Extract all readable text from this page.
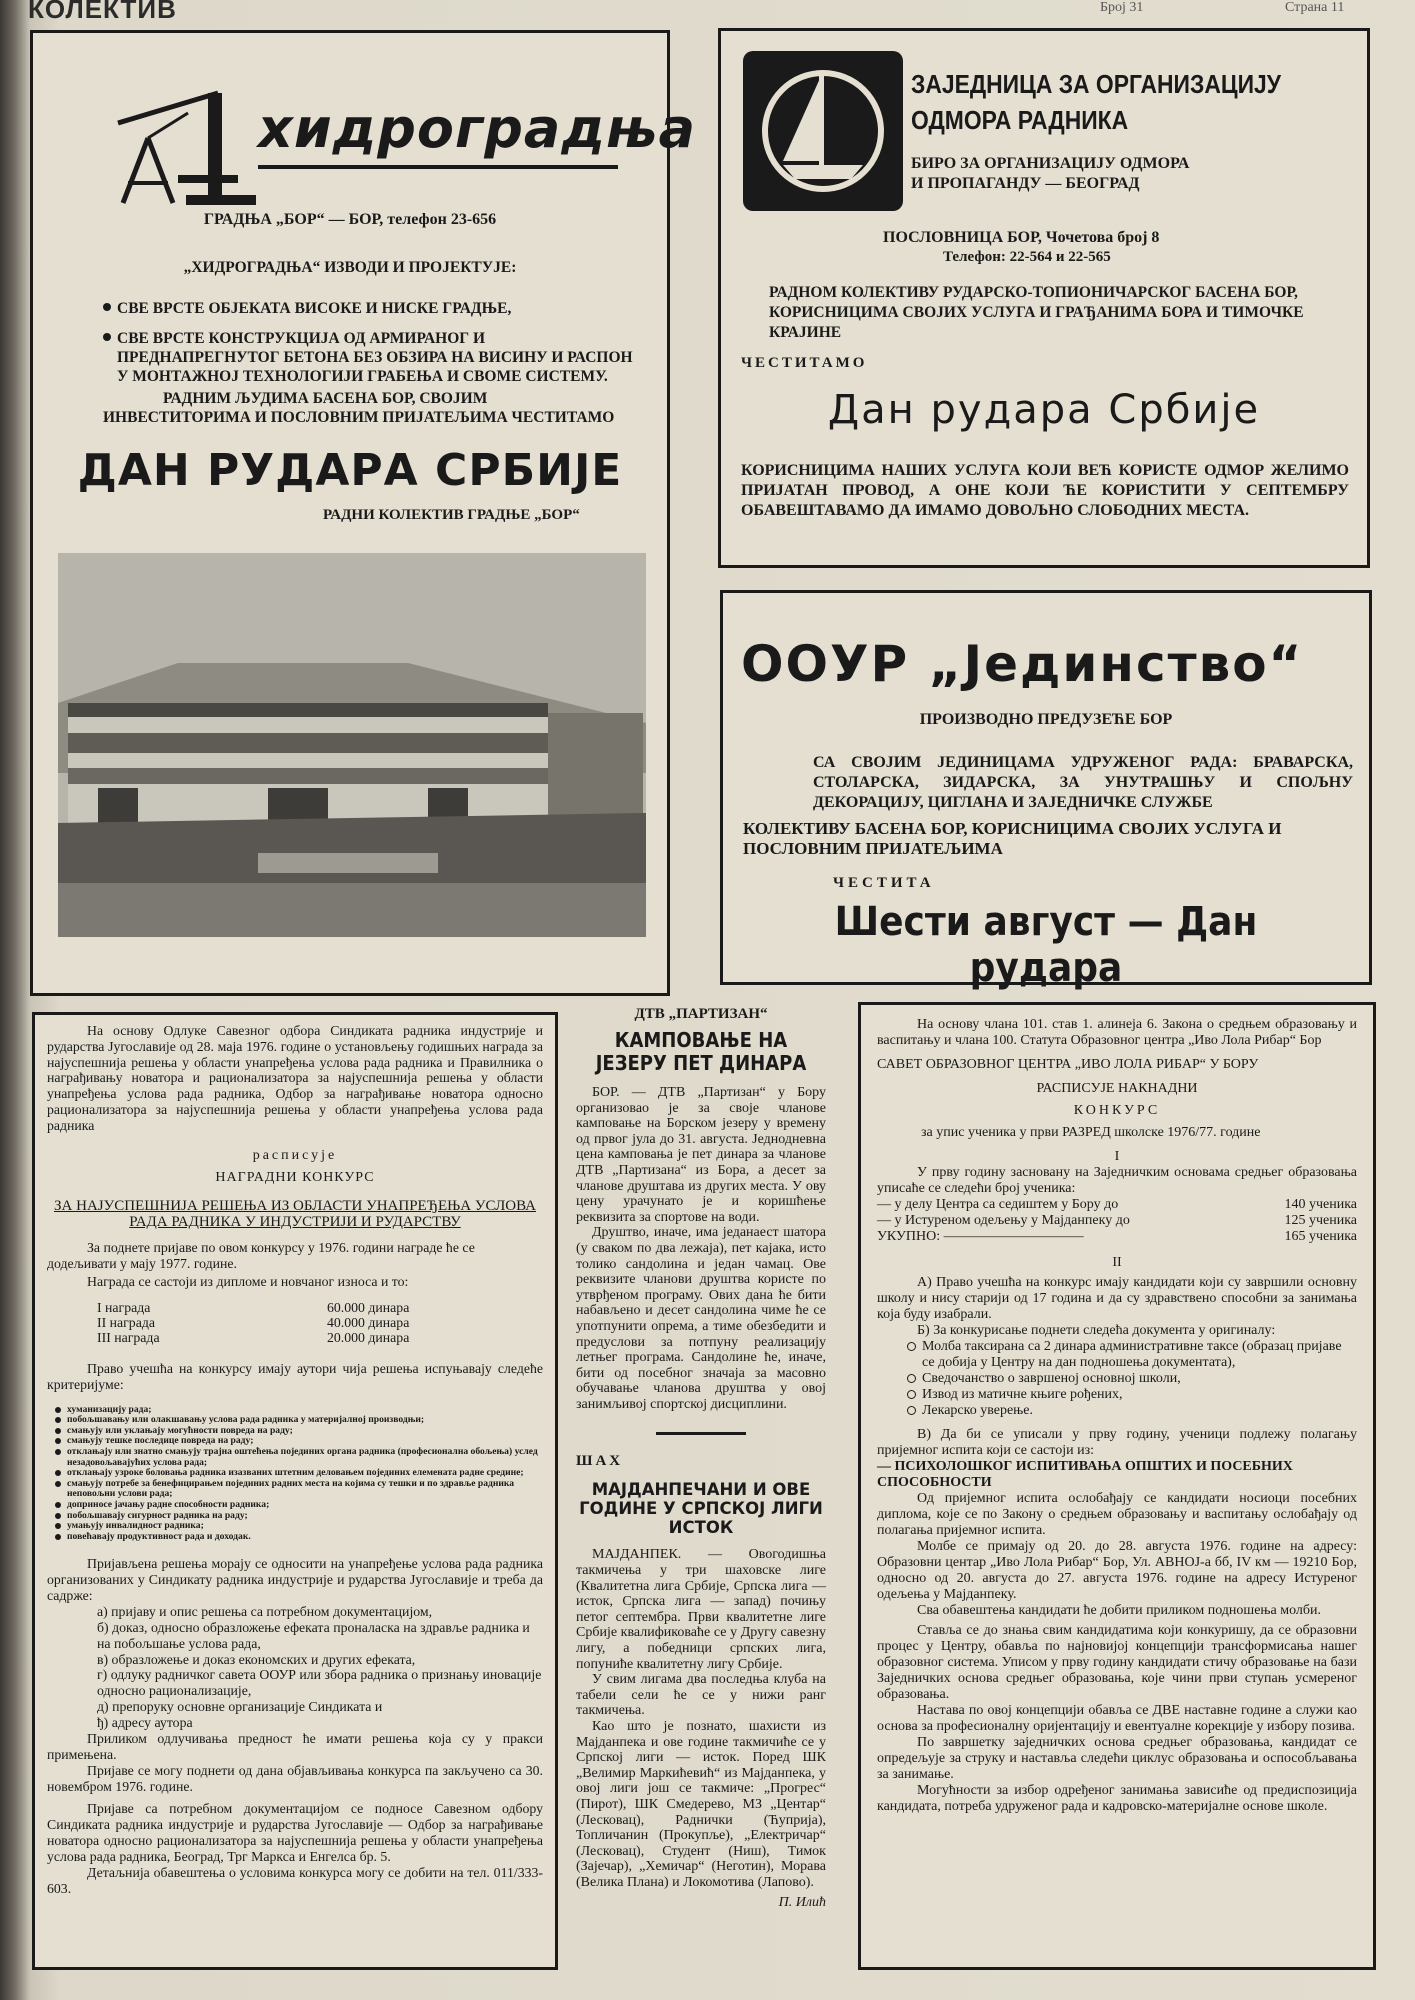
КОЛЕКТИВ	Број 31	Страна 11
хидроградња
ГРАДЊА „БОР“ — БОР, телефон 23-656
„ХИДРОГРАДЊА“ ИЗВОДИ И ПРОЈЕКТУЈЕ:
СВЕ ВРСТЕ ОБЈЕКАТА ВИСОКЕ И НИСКЕ ГРАДЊЕ,
СВЕ ВРСТЕ КОНСТРУКЦИЈА ОД АРМИРАНОГ И ПРЕДНАПРЕГНУТОГ БЕТОНА БЕЗ ОБЗИРА НА ВИСИНУ И РАСПОН У МОНТАЖНОЈ ТЕХНОЛОГИЈИ ГРАБЕЊА И СВОМЕ СИСТЕМУ.
РАДНИМ ЉУДИМА БАСЕНА БОР, СВОЈИМ ИНВЕСТИТОРИМА И ПОСЛОВНИМ ПРИЈАТЕЉИМА ЧЕСТИТАМО
ДАН РУДАРА СРБИЈЕ
РАДНИ КОЛЕКТИВ ГРАДЊЕ „БОР“
ЗАЈЕДНИЦА ЗА ОРГАНИЗАЦИЈУ
ОДМОРА РАДНИКА
БИРО ЗА ОРГАНИЗАЦИЈУ ОДМОРА
И ПРОПАГАНДУ — БЕОГРАД
ПОСЛОВНИЦА БОР, Чочетова број 8
Телефон: 22-564 и 22-565
РАДНОМ КОЛЕКТИВУ РУДАРСКО-ТОПИОНИЧАРСКОГ БАСЕНА БОР, КОРИСНИЦИМА СВОЈИХ УСЛУГА И ГРАЂАНИМА БОРА И ТИМОЧКЕ КРАЈИНЕ
ЧЕСТИТАМО
Дан рудара Србије
КОРИСНИЦИМА НАШИХ УСЛУГА КОЈИ ВЕЋ КОРИСТЕ ОДМОР ЖЕЛИМО ПРИЈАТАН ПРОВОД, А ОНЕ КОЈИ ЋЕ КОРИСТИТИ У СЕПТЕМБРУ ОБАВЕШТАВАМО ДА ИМАМО ДОВОЉНО СЛОБОДНИХ МЕСТА.
ООУР „Јединство“
ПРОИЗВОДНО ПРЕДУЗЕЋЕ БОР
СА СВОЈИМ ЈЕДИНИЦАМА УДРУЖЕНОГ РАДА: БРАВАРСКА, СТОЛАРСКА, ЗИДАРСКА, ЗА УНУТРАШЊУ И СПОЉНУ ДЕКОРАЦИЈУ, ЦИГЛАНА И ЗАЈЕДНИЧКЕ СЛУЖБЕ
КОЛЕКТИВУ БАСЕНА БОР, КОРИСНИЦИМА СВОЈИХ УСЛУГА И ПОСЛОВНИМ ПРИЈАТЕЉИМА
ЧЕСТИТА
Шести август — Дан рудара

На основу Одлуке Савезног одбора Синдиката радника индустрије и рударства Југославије од 28. маја 1976. године о установљењу годишњих награда за најуспешнија решења у области унапређења услова рада радника и Правилника о награђивању новатора и рационализатора за најуспешнија решења у области унапређења услова рада радника, Одбор за награђивање новатора односно рационализатора за најуспешнија решења у области унапређења услова рада радника

расписује

НАГРАДНИ КОНКУРС

ЗА НАЈУСПЕШНИЈА РЕШЕЊА ИЗ ОБЛАСТИ УНАПРЕЂЕЊА УСЛОВА РАДА РАДНИКА У ИНДУСТРИЈИ И РУДАРСТВУ

За поднете пријаве по овом конкурсу у 1976. години награде ће се додељивати у мају 1977. године.

Награда се састоји из дипломе и новчаног износа и то:

I награда	60.000 динара
II награда	40.000 динара
III награда	20.000 динара

Право учешћа на конкурсу имају аутори чија решења испуњавају следеће критеријуме:

хуманизацију рада;
побољшавању или олакшавању услова рада радника у материјалној производњи;
смањују или уклањају могућности повреда на раду;
смањују тешке последице повреда на раду;
отклањају или знатно смањују трајна оштећења појединих органа радника (професионална обољења) услед незадовољавајућих услова рада;
отклањају узроке боловања радника изазваних штетним деловањем појединих елемената радне средине;
смањују потребе за бенефицирањем појединих радних места на којима су тешки и по здравље радника неповољни услови рада;
доприносе јачању радне способности радника;
побољшавају сигурност радника на раду;
умањују инвалидност радника;
повећавају продуктивност рада и доходак.

Пријављена решења морају се односити на унапређење услова рада радника организованих у Синдикату радника индустрије и рударства Југославије и треба да садрже:

а) пријаву и опис решења са потребном документацијом,
б) доказ, односно образложење ефеката проналаска на здравље радника и на побољшање услова рада,
в) образложење и доказ економских и других ефеката,
г) одлуку радничког савета ООУР или збора радника о признању иновације односно рационализације,
д) препоруку основне организације Синдиката и
ђ) адресу аутора

Приликом одлучивања предност ће имати решења која су у пракси примењена.

Пријаве се могу поднети од дана објављивања конкурса па закључено са 30. новембром 1976. године.

Пријаве са потребном документацијом се подносе Савезном одбору Синдиката радника индустрије и рударства Југославије — Одбор за награђивање новатора односно рационализатора за најуспешнија решења у области унапређења услова рада радника, Београд, Трг Маркса и Енгелса бр. 5.

Детаљнија обавештења о условима конкурса могу се добити на тел. 011/333-603.

ДТВ „ПАРТИЗАН“
КАМПОВАЊЕ НА ЈЕЗЕРУ ПЕТ ДИНАРА

БОР. — ДТВ „Партизан“ у Бору организовао је за своје чланове камповање на Борском језеру у времену од првог јула до 31. августа. Једнодневна цена камповања је пет динара за чланове ДТВ „Партизана“ из Бора, а десет за чланове друштава из других места. У ову цену урачунато је и коришћење реквизита за спортове на води.

Друштво, иначе, има једанаест шатора (у сваком по два лежаја), пет кајака, исто толико сандолина и један чамац. Ове реквизите чланови друштва користе по утврђеном програму. Ових дана ће бити набављено и десет сандолина чиме ће се употпунити опрема, а тиме обезбедити и предуслови за потпуну реализацију летњег програма. Сандолине ће, иначе, бити од посебног значаја за масовно обучавање чланова друштва у овој занимљивој спортској дисциплини.

ШАХ
МАЈДАНПЕЧАНИ И ОВЕ ГОДИНЕ У СРПСКОЈ ЛИГИ ИСТОК

МАЈДАНПЕК. — Овогодишња такмичења у три шаховске лиге (Квалитетна лига Србије, Српска лига — исток, Српска лига — запад) почињу петог септембра. Први квалитетне лиге Србије квалификоваће се у Другу савезну лигу, а победници српских лига, попуниће квалитетну лигу Србије.

У свим лигама два последња клуба на табели сели ће се у нижи ранг такмичења.

Као што је познато, шахисти из Мајданпека и ове године такмичиће се у Српској лиги — исток. Поред ШК „Велимир Маркићевић“ из Мајданпека, у овој лиги још се такмиче: „Прогрес“ (Пирот), ШК Смедерево, МЗ „Центар“ (Лесковац), Раднички (Ћуприја), Топличанин (Прокупље), „Електричар“ (Лесковац), Студент (Ниш), Тимок (Зајечар), „Хемичар“ (Неготин), Морава (Велика Плана) и Локомотива (Лапово).

П. Илић

На основу члана 101. став 1. алинеја 6. Закона о средњем образовању и васпитању и члана 100. Статута Образовног центра „Иво Лола Рибар“ Бор

САВЕТ ОБРАЗОВНОГ ЦЕНТРА „ИВО ЛОЛА РИБАР“ У БОРУ

РАСПИСУЈЕ НАКНАДНИ

КОНКУРС

за упис ученика у први РАЗРЕД школске 1976/77. године

I

У прву годину заснованy на Заједничким основама средњег образовања уписаће се следећи број ученика:

— у делу Центра са седиштем у Бору до	140 ученика
— у Истуреном одељењу у Мајданпеку до	125 ученика
УКУПНО: ——————————	165 ученика

II

А) Право учешћа на конкурс имају кандидати који су завршили основну школу и нису старији од 17 година и да су здравствено способни за занимања која буду изабрали.

Б) За конкурисање поднети следећа документа у оригиналу:

Молба таксирана са 2 динара административне таксе (образац пријаве се добија у Центру на дан подношења документата),
Сведочанство о завршеној основној школи,
Извод из матичне књиге рођених,
Лекарско уверење.

В) Да би се уписали у прву годину, ученици подлежу полагању пријемног испита који се састоји из:

— ПСИХОЛОШКОГ ИСПИТИВАЊА ОПШТИХ И ПОСЕБНИХ СПОСОБНОСТИ

Од пријемног испита ослобађају се кандидати носиоци посебних диплома, које се по Закону о средњем образовању и васпитању ослобађају од полагања пријемног испита.

Молбе се примају од 20. до 28. августа 1976. године на адресу: Образовни центар „Иво Лола Рибар“ Бор, Ул. АВНОЈ-а бб, IV км — 19210 Бор, односно од 20. августа до 27. августа 1976. године на адресу Истуреног одељења у Мајданпеку.

Сва обавештења кандидати ће добити приликом подношења молби.

Ставља се до знања свим кандидатима који конкуришу, да се образовни процес у Центру, обавља по најновијој концепцији трансформисања нашег образовног система. Уписом у прву годину кандидати стичу образовање на бази Заједничких основа средњег образовања, које чини први ступањ усмереног образовања.

Настава по овој концепцији обавља се ДВЕ наставне године а служи као основа за професионалну оријентацију и евентуалне корекције у избору позива.

По завршетку заједничких основа средњег образовања, кандидат се опредељује за струку и наставља следећи циклус образовања и оспособљавања за занимање.

Могућности за избор одређеног занимања зависиће од предиспозиција кандидата, потреба удруженог рада и кадровско-материјалне основе школе.
